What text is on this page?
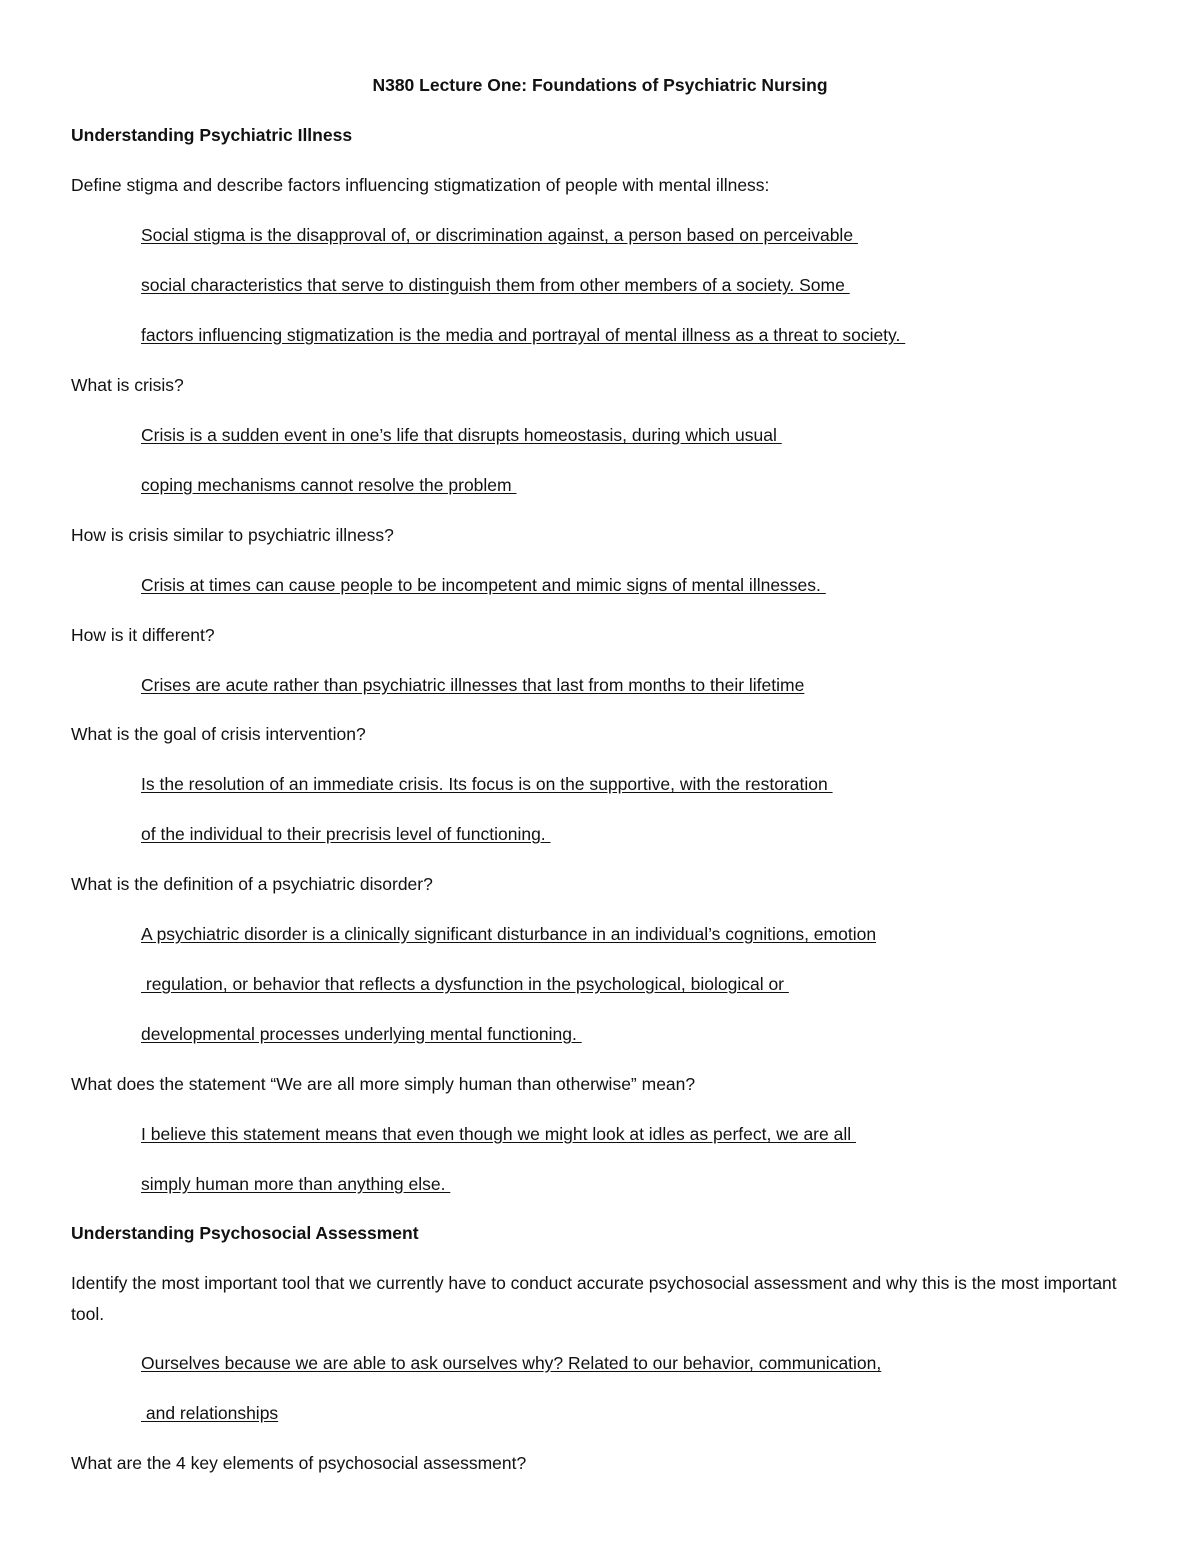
N380 Lecture One: Foundations of Psychiatric Nursing
Understanding Psychiatric Illness
Define stigma and describe factors influencing stigmatization of people with mental illness:
Social stigma is the disapproval of, or discrimination against, a person based on perceivable
social characteristics that serve to distinguish them from other members of a society. Some
factors influencing stigmatization is the media and portrayal of mental illness as a threat to society.
What is crisis?
Crisis is a sudden event in one’s life that disrupts homeostasis, during which usual
coping mechanisms cannot resolve the problem
How is crisis similar to psychiatric illness?
Crisis at times can cause people to be incompetent and mimic signs of mental illnesses.
How is it different?
Crises are acute rather than psychiatric illnesses that last from months to their lifetime
What is the goal of crisis intervention?
Is the resolution of an immediate crisis. Its focus is on the supportive, with the restoration
of the individual to their precrisis level of functioning.
What is the definition of a psychiatric disorder?
A psychiatric disorder is a clinically significant disturbance in an individual’s cognitions, emotion
regulation, or behavior that reflects a dysfunction in the psychological, biological or
developmental processes underlying mental functioning.
What does the statement “We are all more simply human than otherwise” mean?
I believe this statement means that even though we might look at idles as perfect, we are all
simply human more than anything else.
Understanding Psychosocial Assessment
Identify the most important tool that we currently have to conduct accurate psychosocial assessment and why this is the most important tool.
Ourselves because we are able to ask ourselves why? Related to our behavior, communication,
and relationships
What are the 4 key elements of psychosocial assessment?
